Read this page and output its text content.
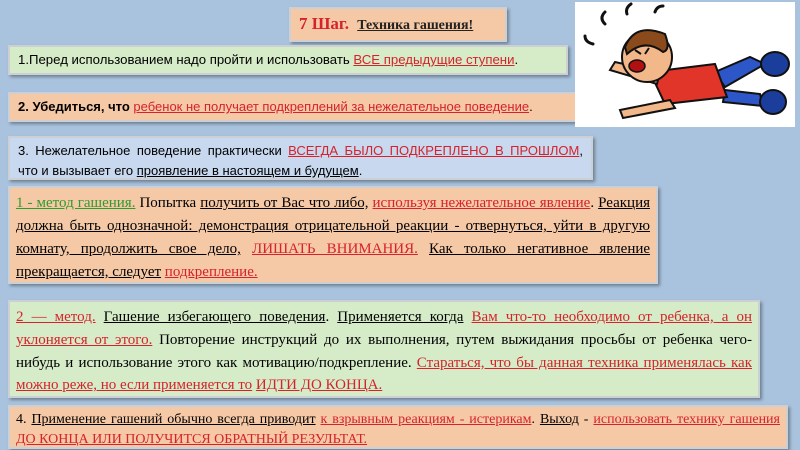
7 Шаг. Техника гашения!
1.Перед использованием надо пройти и использовать ВСЕ предыдущие ступени.
2. Убедиться, что ребенок не получает подкреплений за нежелательное поведение.
3. Нежелательное поведение практически ВСЕГДА БЫЛО ПОДКРЕПЛЕНО В ПРОШЛОМ, что и вызывает его проявление в настоящем и будущем.
1 - метод гашения. Попытка получить от Вас что либо, используя нежелательное явление. Реакция должна быть однозначной: демонстрация отрицательной реакции - отвернуться, уйти в другую комнату, продолжить свое дело, ЛИШАТЬ ВНИМАНИЯ. Как только негативное явление прекращается, следует подкрепление.
2 — метод. Гашение избегающего поведения. Применяется когда Вам что-то необходимо от ребенка, а он уклоняется от этого. Повторение инструкций до их выполнения, путем выжидания просьбы от ребенка чего-нибудь и использование этого как мотивацию/подкрепление. Стараться, что бы данная техника применялась как можно реже, но если применяется то ИДТИ ДО КОНЦА.
4. Применение гашений обычно всегда приводит к взрывным реакциям - истерикам. Выход - использовать технику гашения ДО КОНЦА ИЛИ ПОЛУЧИТСЯ ОБРАТНЫЙ РЕЗУЛЬТАТ.
